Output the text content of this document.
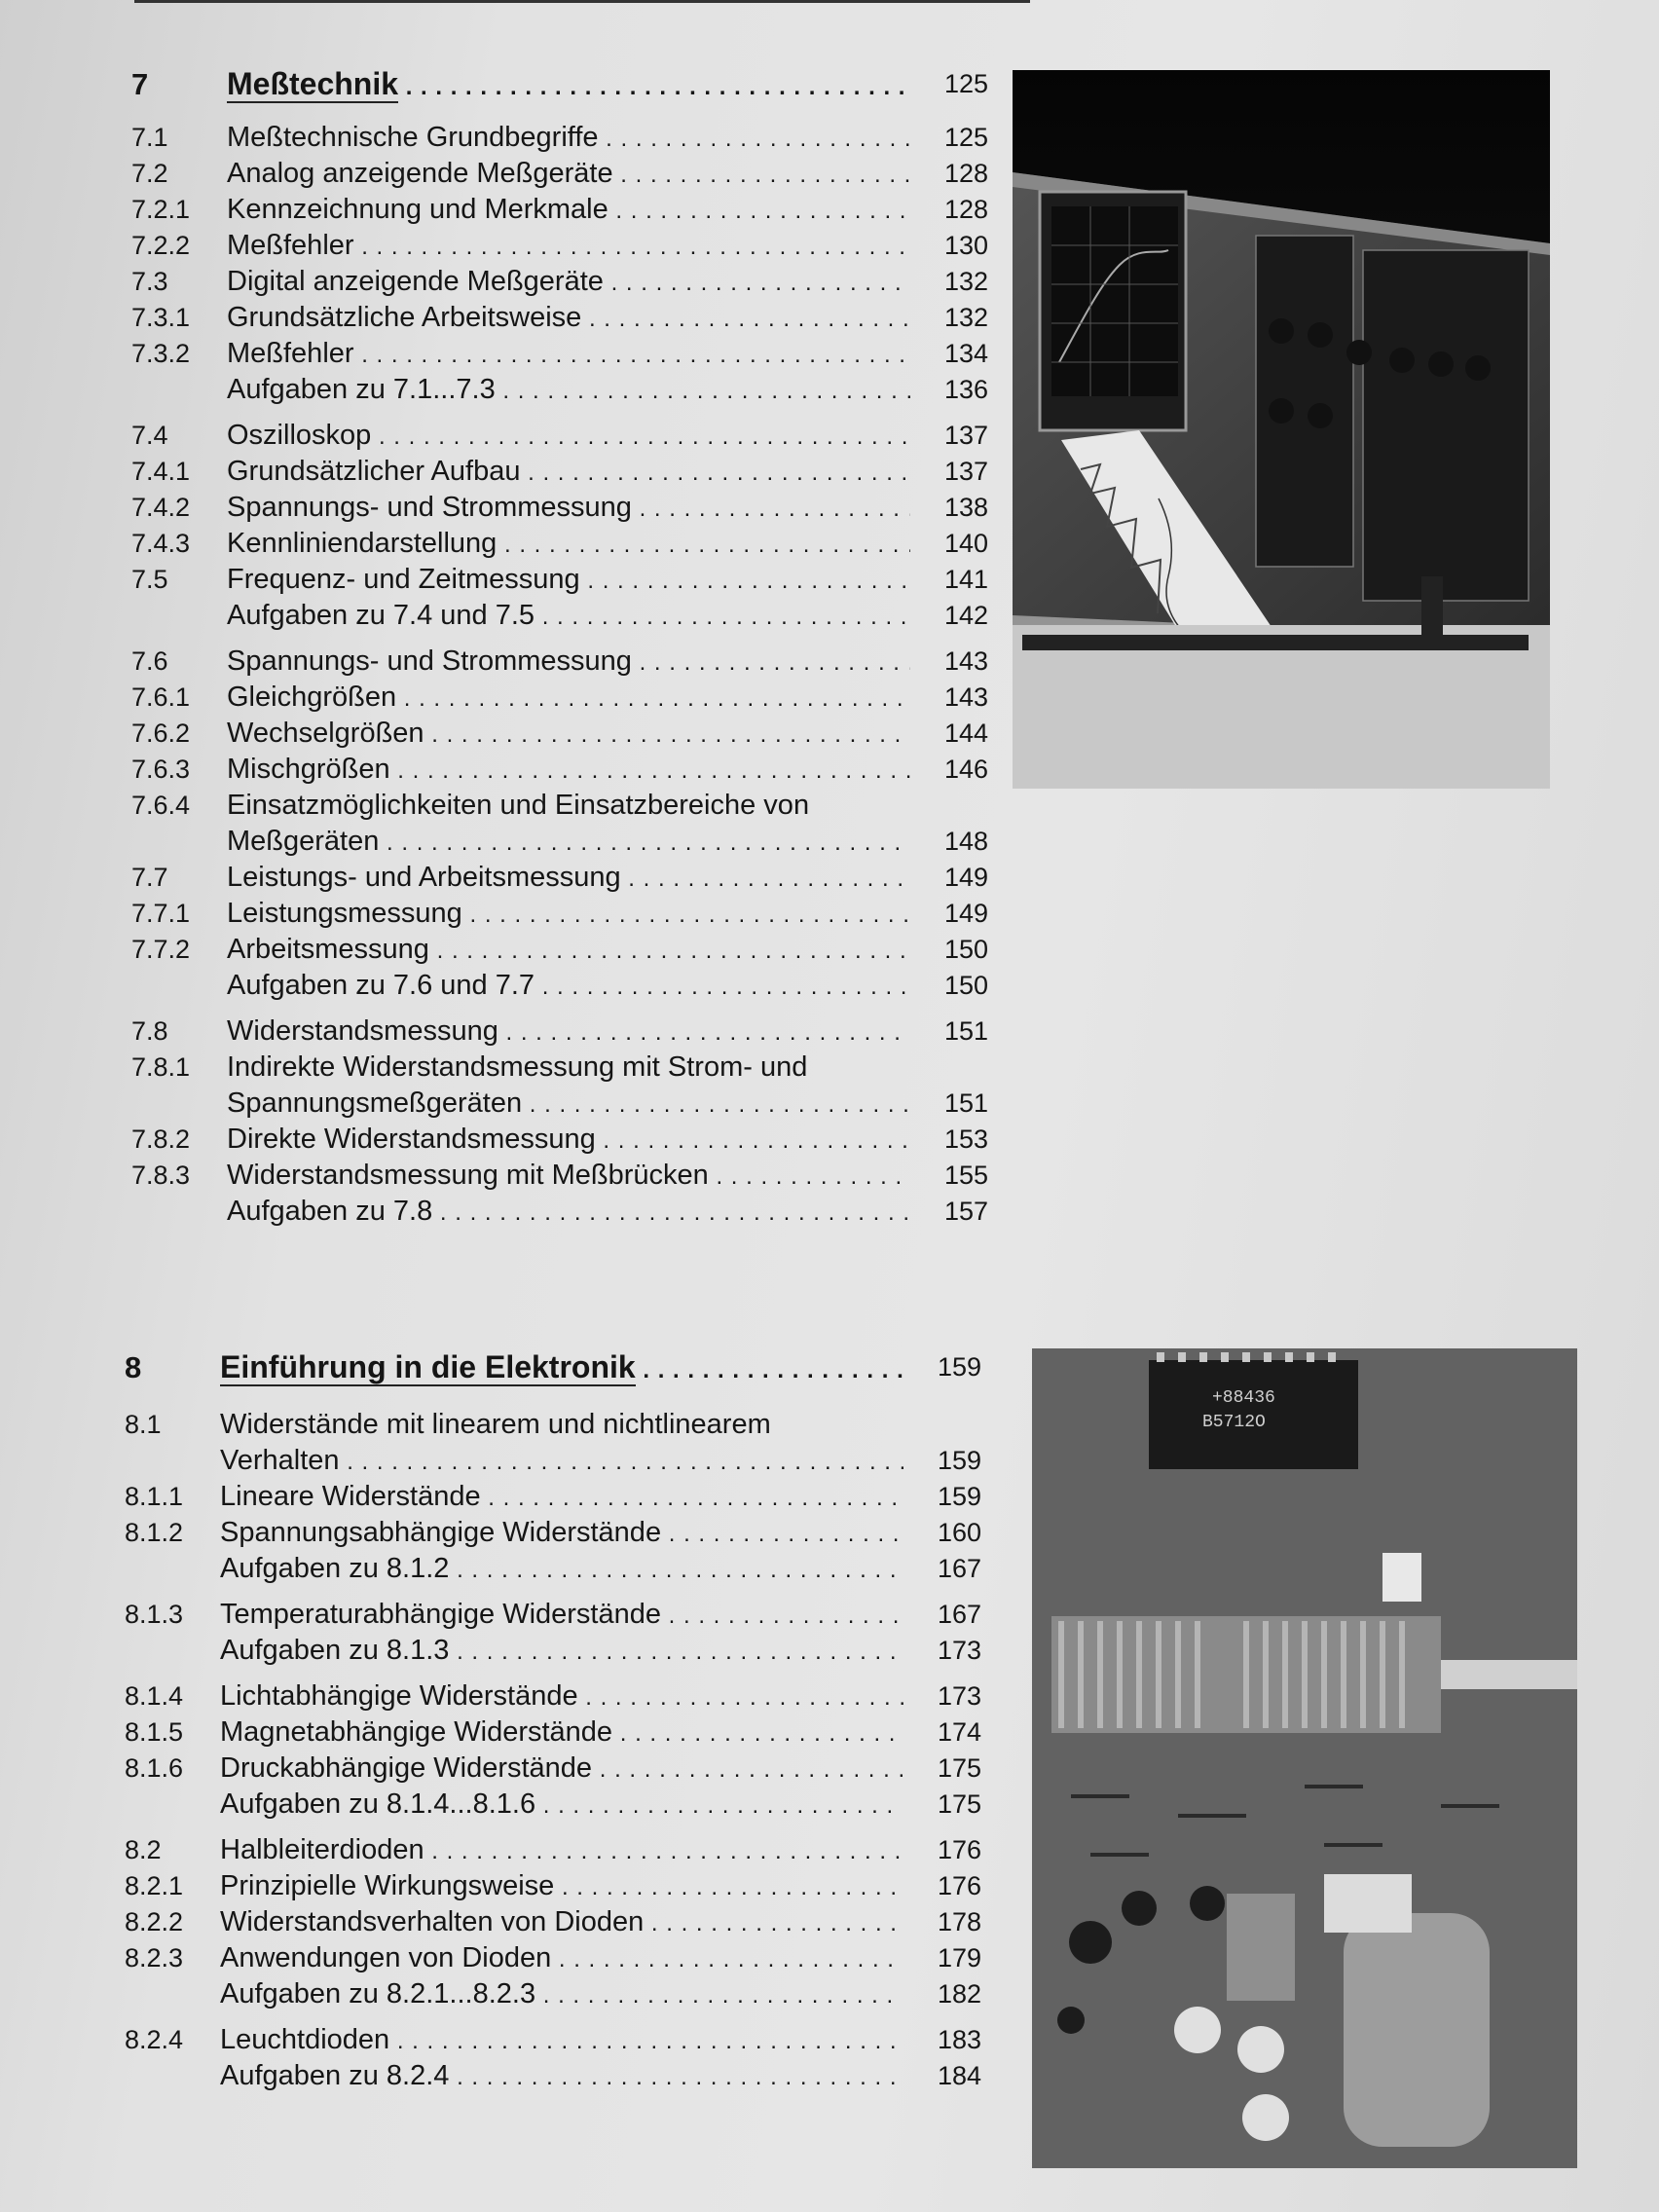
7	Meßtechnik . . .	125
7.1 Meßtechnische Grundbegriffe . . .	125
7.2 Analog anzeigende Meßgeräte . . .	128
7.2.1 Kennzeichnung und Merkmale . . .	128
7.2.2 Meßfehler . . .	130
7.3 Digital anzeigende Meßgeräte . . .	132
7.3.1 Grundsätzliche Arbeitsweise . . .	132
7.3.2 Meßfehler . . .	134
Aufgaben zu 7.1...7.3 . . .	136
7.4 Oszilloskop . . .	137
7.4.1 Grundsätzlicher Aufbau . . .	137
7.4.2 Spannungs- und Strommessung . . .	138
7.4.3 Kennliniendarstellung . . .	140
7.5 Frequenz- und Zeitmessung . . .	141
Aufgaben zu 7.4 und 7.5 . . .	142
7.6 Spannungs- und Strommessung . . .	143
7.6.1 Gleichgrößen . . .	143
7.6.2 Wechselgrößen . . .	144
7.6.3 Mischgrößen . . .	146
7.6.4 Einsatzmöglichkeiten und Einsatzbereiche von
Meßgeräten . . .	148
7.7 Leistungs- und Arbeitsmessung . . .	149
7.7.1 Leistungsmessung . . .	149
7.7.2 Arbeitsmessung . . .	150
Aufgaben zu 7.6 und 7.7 . . .	150
7.8 Widerstandsmessung . . .	151
7.8.1 Indirekte Widerstandsmessung mit Strom- und
Spannungsmeßgeräten . . .	151
7.8.2 Direkte Widerstandsmessung . . .	153
7.8.3 Widerstandsmessung mit Meßbrücken . . .	155
Aufgaben zu 7.8 . . .	157
8	Einführung in die Elektronik . . .	159
8.1 Widerstände mit linearem und nichtlinearem
Verhalten . . .	159
8.1.1 Lineare Widerstände . . .	159
8.1.2 Spannungsabhängige Widerstände . . .	160
Aufgaben zu 8.1.2 . . .	167
8.1.3 Temperaturabhängige Widerstände . . .	167
Aufgaben zu 8.1.3 . . .	173
8.1.4 Lichtabhängige Widerstände . . .	173
8.1.5 Magnetabhängige Widerstände . . .	174
8.1.6 Druckabhängige Widerstände . . .	175
Aufgaben zu 8.1.4...8.1.6 . . .	175
8.2 Halbleiterdioden . . .	176
8.2.1 Prinzipielle Wirkungsweise . . .	176
8.2.2 Widerstandsverhalten von Dioden . . .	178
8.2.3 Anwendungen von Dioden . . .	179
Aufgaben zu 8.2.1...8.2.3 . . .	182
8.2.4 Leuchtdioden . . .	183
Aufgaben zu 8.2.4 . . .	184
+88436
B5712O
